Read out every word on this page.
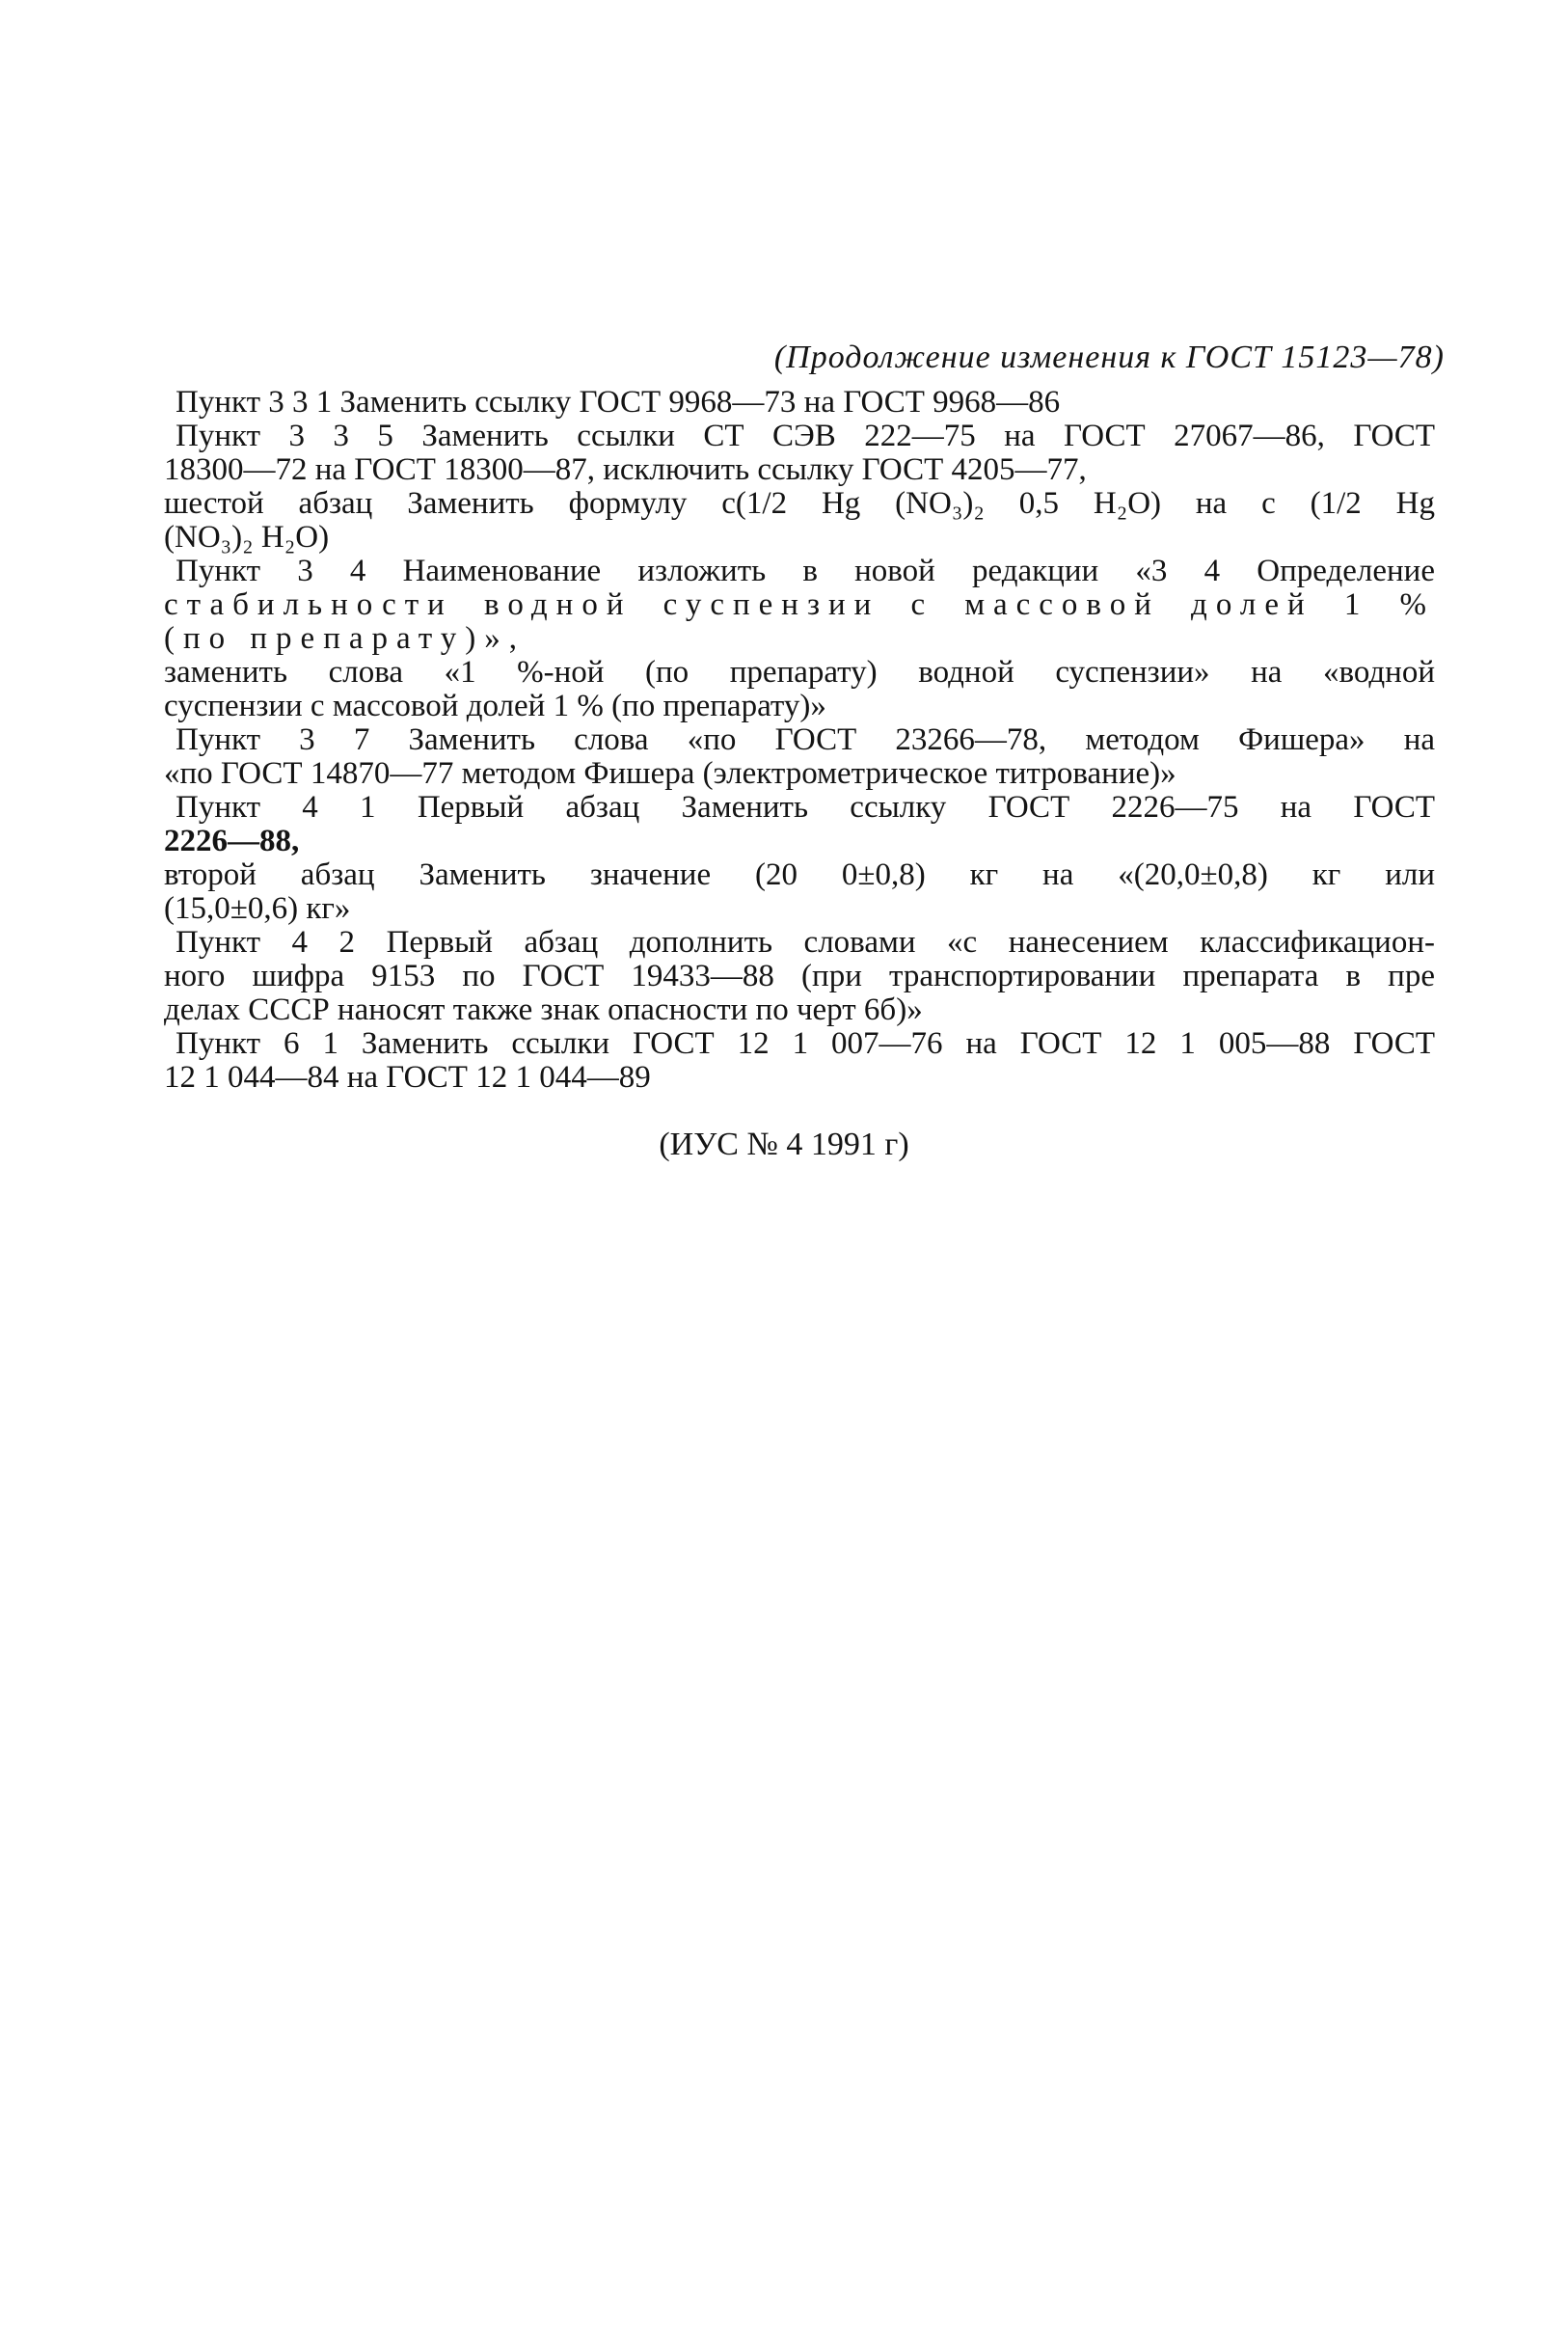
(Продолжение изменения к ГОСТ 15123—78)
Пункт 3 3 1 Заменить ссылку ГОСТ 9968—73 на ГОСТ 9968—86
Пункт 3 3 5 Заменить ссылки СТ СЭВ 222—75 на ГОСТ 27067—86, ГОСТ
18300—72 на ГОСТ 18300—87, исключить ссылку ГОСТ 4205—77,
шестой абзац Заменить формулу c(1/2 Hg (NO₃)₂ 0,5 H₂O) на c (1/2 Hg
(NO₃)₂ H₂O)
Пункт 3 4 Наименование изложить в новой редакции «3 4 Определение
стабильности водной суспензии с массовой долей 1 %
(по препарату)»,
заменить слова «1 %-ной (по препарату) водной суспензии» на «водной
суспензии с массовой долей 1 % (по препарату)»
Пункт 3 7 Заменить слова «по ГОСТ 23266—78, методом Фишера» на
«по ГОСТ 14870—77 методом Фишера (электрометрическое титрование)»
Пункт 4 1 Первый абзац Заменить ссылку ГОСТ 2226—75 на ГОСТ
2226—88,
второй абзац Заменить значение (20 0±0,8) кг на «(20,0±0,8) кг или
(15,0±0,6) кг»
Пункт 4 2 Первый абзац дополнить словами «с нанесением классификацион-
ного шифра 9153 по ГОСТ 19433—88 (при транспортировании препарата в пре
делах СССР наносят также знак опасности по черт 6б)»
Пункт 6 1 Заменить ссылки ГОСТ 12 1 007—76 на ГОСТ 12 1 005—88 ГОСТ
12 1 044—84 на ГОСТ 12 1 044—89
(ИУС № 4 1991 г)
